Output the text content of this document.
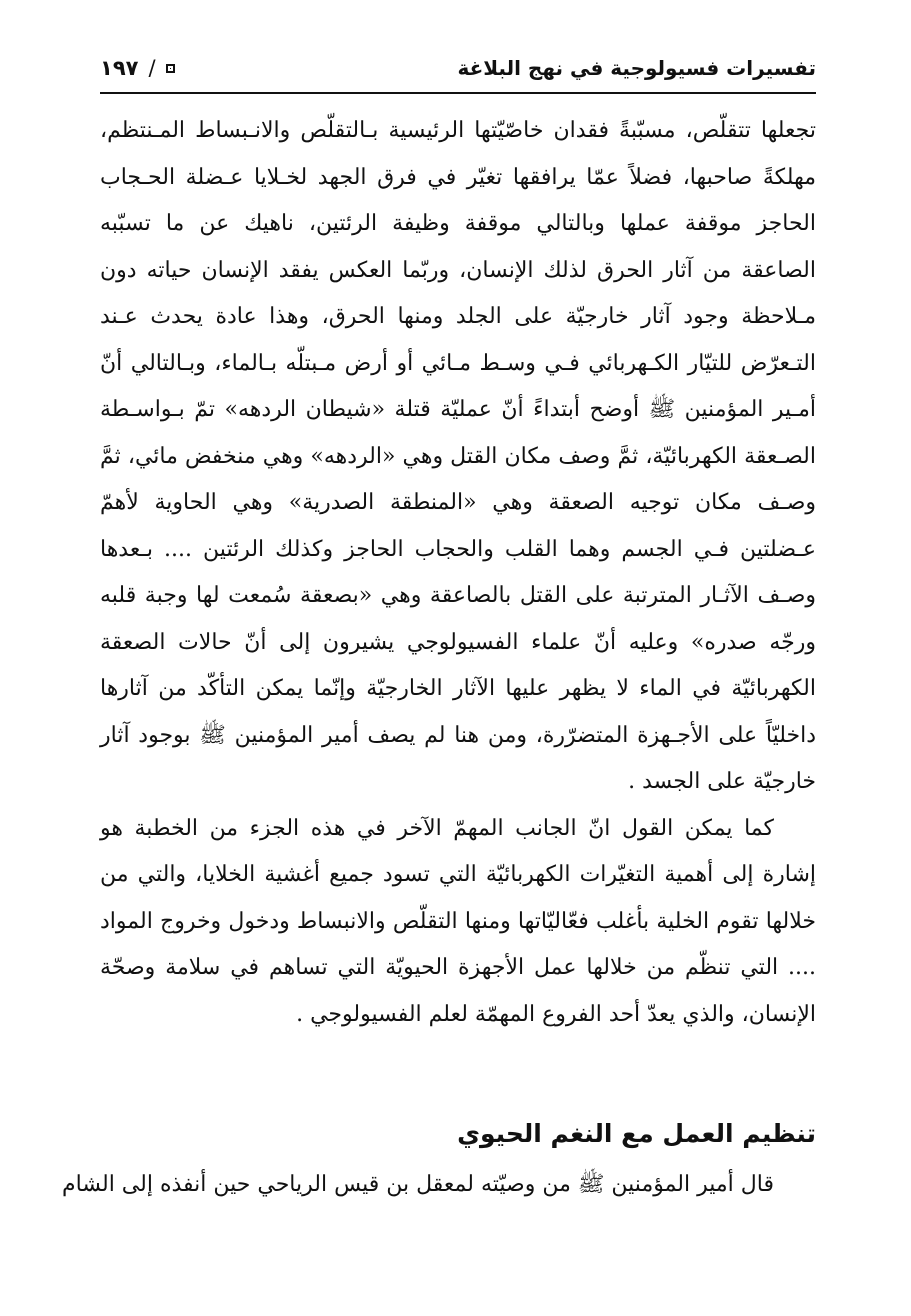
تفسيرات فسيولوجية في نهج البلاغة
/
١٩٧

تجعلها تتقلّص، مسبّبةً فقدان خاصّيّتها الرئيسية بـالتقلّص والانـبساط المـنتظم، مهلكةً صاحبها، فضلاً عمّا يرافقها تغيّر في فرق الجهد لخـلايا عـضلة الحـجاب الحاجز موقفة عملها وبالتالي موقفة وظيفة الرئتين، ناهيك عن ما تسبّبه الصاعقة من آثار الحرق لذلك الإنسان، وربّما العكس يفقد الإنسان حياته دون مـلاحظة وجود آثار خارجيّة على الجلد ومنها الحرق، وهذا عادة يحدث عـند التـعرّض للتيّار الكـهربائي فـي وسـط مـائي أو أرض مـبتلّه بـالماء، وبـالتالي أنّ أمـير المؤمنين ﷺ أوضح أبتداءً أنّ عمليّة قتلة «شيطان الردهه» تمّ بـواسـطة الصـعقة الكهربائيّة، ثمَّ وصف مكان القتل وهي «الردهه» وهي منخفض مائي، ثمَّ وصـف مكان توجيه الصعقة وهي «المنطقة الصدرية» وهي الحاوية لأهمّ عـضلتين فـي الجسم وهما القلب والحجاب الحاجز وكذلك الرئتين .... بـعدها وصـف الآثـار المترتبة على القتل بالصاعقة وهي «بصعقة سُمعت لها وجبة قلبه ورجّه صدره» وعليه أنّ علماء الفسيولوجي يشيرون إلى أنّ حالات الصعقة الكهربائيّة في الماء لا يظهر عليها الآثار الخارجيّة وإنّما يمكن التأكّد من آثارها داخليّاً على الأجـهزة المتضرّرة، ومن هنا لم يصف أمير المؤمنين ﷺ بوجود آثار خارجيّة على الجسد .

كما يمكن القول انّ الجانب المهمّ الآخر في هذه الجزء من الخطبة هو إشارة إلى أهمية التغيّرات الكهربائيّة التي تسود جميع أغشية الخلايا، والتي من خلالها تقوم الخلية بأغلب فعّاليّاتها ومنها التقلّص والانبساط ودخول وخروج المواد .... التي تنظّم من خلالها عمل الأجهزة الحيويّة التي تساهم في سلامة وصحّة الإنسان، والذي يعدّ أحد الفروع المهمّة لعلم الفسيولوجي .

تنظيم العمل مع النغم الحيوي

قال أمير المؤمنين ﷺ من وصيّته لمعقل بن قيس الرياحي حين أنفذه إلى الشام
